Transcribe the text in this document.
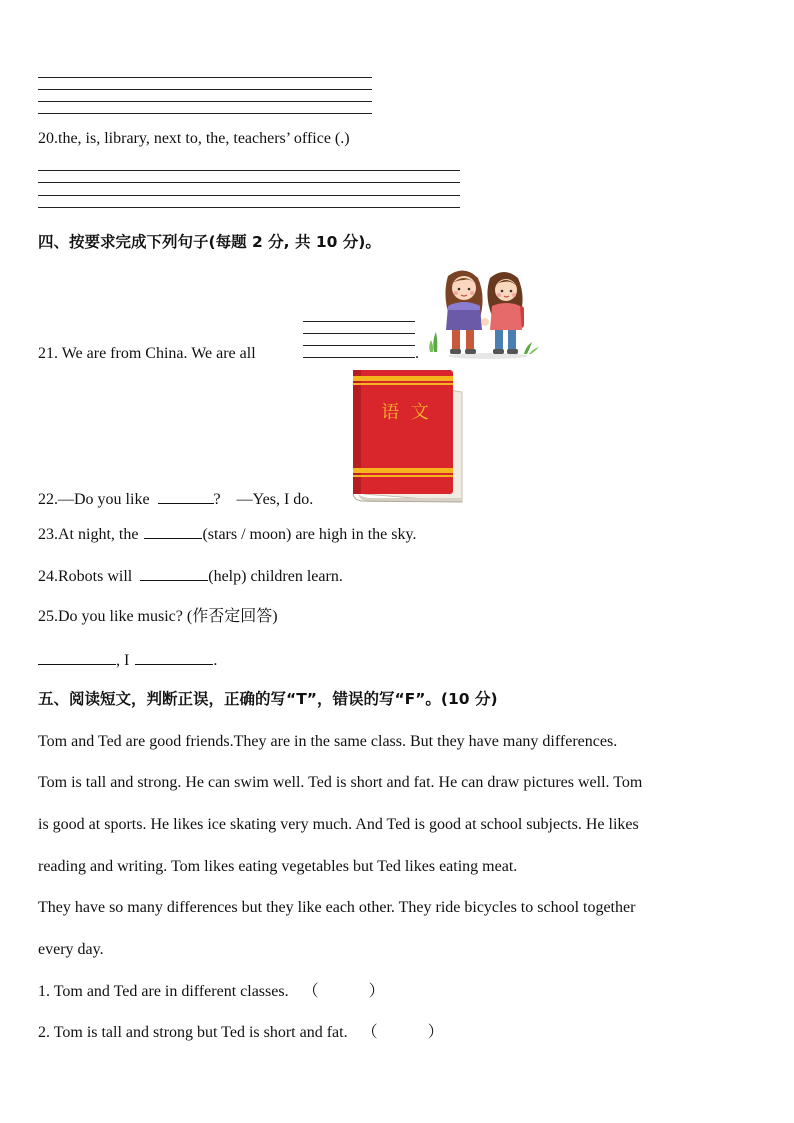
20.the, is, library, next to, the, teachers’ office (.)
四、按要求完成下列句子(每题 2 分, 共 10 分)。
21. We are from China. We are all	.
语  文
22.—Do you like	? —Yes, I do.
23.At night, the	(stars / moon) are high in the sky.
24.Robots will	(help) children learn.
25.Do you like music? (作否定回答)
, I	.
五、阅读短文，判断正误，正确的写“T”，错误的写“F”。(10 分)
Tom and Ted are good friends.They are in the same class. But they have many differences.
Tom is tall and strong. He can swim well. Ted is short and fat. He can draw pictures well. Tom
is good at sports. He likes ice skating very much. And Ted is good at school subjects. He likes
reading and writing. Tom likes eating vegetables but Ted likes eating meat.
They have so many differences but they like each other. They ride bicycles to school together
every day.
1. Tom and Ted are in different classes. （	）
2. Tom is tall and strong but Ted is short and fat. （	）
